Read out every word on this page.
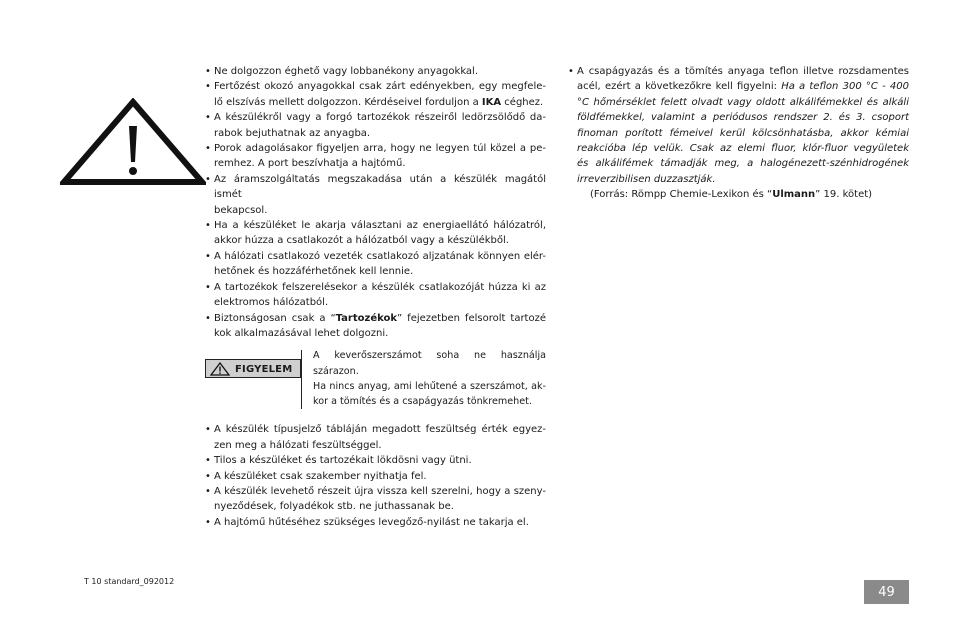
• Ne dolgozzon éghető vagy lobbanékony anyagokkal.
• Fertőzést okozó anyagokkal csak zárt edényekben, egy megfele-
lő elszívás mellett dolgozzon. Kérdéseivel forduljon a IKA céghez.
• A készülékről vagy a forgó tartozékok részeiről ledörzsölődő da-
rabok bejuthatnak az anyagba.
• Porok adagolásakor figyeljen arra, hogy ne legyen túl közel a pe-
remhez. A port beszívhatja a hajtómű.
• Az áramszolgáltatás megszakadása után a készülék magától ismét
bekapcsol.
• Ha a készüléket le akarja választani az energiaellátó hálózatról,
akkor húzza a csatlakozót a hálózatból vagy a készülékből.
• A hálózati csatlakozó vezeték csatlakozó aljzatának könnyen elér-
hetőnek és hozzáférhetőnek kell lennie.
• A tartozékok felszerelésekor a készülék csatlakozóját húzza ki az
elektromos hálózatból.
• Biztonságosan csak a “Tartozékok” fejezetben felsorolt tartozé
kok alkalmazásával lehet dolgozni.
FIGYELEM
A keverőszerszámot soha ne használja szárazon.
Ha nincs anyag, ami lehűtené a szerszámot, ak-
kor a tömítés és a csapágyazás tönkremehet.
• A készülék típusjelző tábláján megadott feszültség érték egyez-
zen meg a hálózati feszültséggel.
• Tilos a készüléket és tartozékait lökdösni vagy ütni.
• A készüléket csak szakember nyithatja fel.
• A készülék levehető részeit újra vissza kell szerelni, hogy a szeny-
nyeződések, folyadékok stb. ne juthassanak be.
• A hajtómű hűtéséhez szükséges levegőző-nyilást ne takarja el.
• A csapágyazás és a tömítés anyaga teflon illetve rozsdamentes
acél, ezért a következőkre kell figyelni: Ha a teflon 300 °C - 400
°C hőmérséklet felett olvadt vagy oldott alkálifémekkel és alkáli
földfémekkel, valamint a periódusos rendszer 2. és 3. csoport
finoman porított fémeivel kerül kölcsönhatásba, akkor kémiai
reakcióba lép velük. Csak az elemi fluor, klór-fluor vegyületek
és alkálifémek támadják meg, a halogénezett-szénhidrogének
irreverzibilisen duzzasztják.
(Forrás: Römpp Chemie-Lexikon és “Ulmann” 19. kötet)
T 10 standard_092012
49
